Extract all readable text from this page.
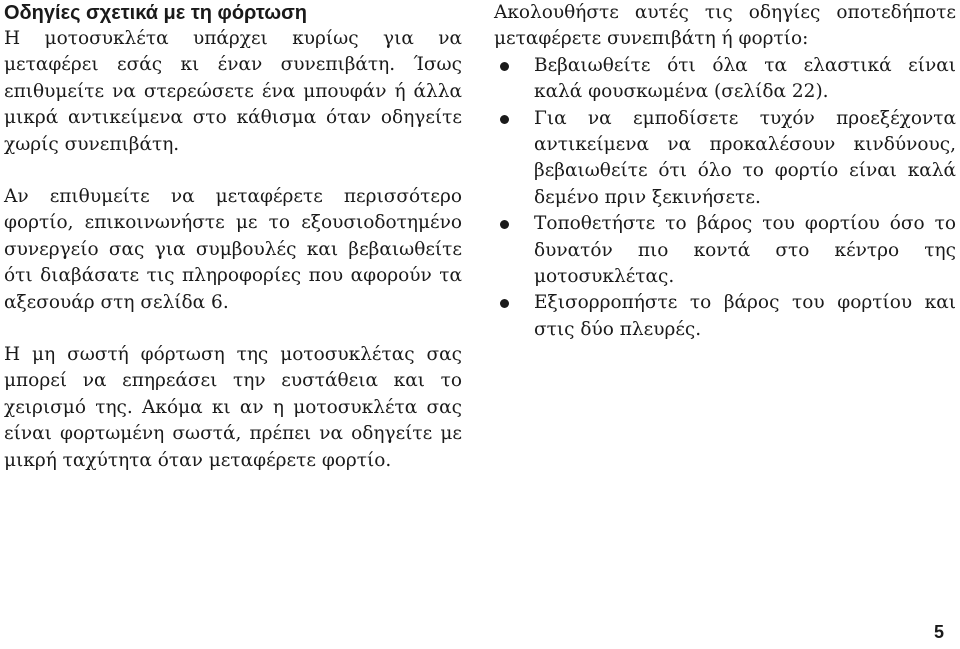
Οδηγίες σχετικά με τη φόρτωση

Η μοτοσυκλέτα υπάρχει κυρίως για να μεταφέρει εσάς κι έναν συνεπιβάτη. Ίσως επιθυμείτε να στερεώσετε ένα μπουφάν ή άλλα μικρά αντικείμενα στο κάθισμα όταν οδηγείτε χωρίς συνεπιβάτη.

Αν επιθυμείτε να μεταφέρετε περισσότερο φορτίο, επικοινωνήστε με το εξουσιοδοτημένο συνεργείο σας για συμβουλές και βεβαιωθείτε ότι διαβάσατε τις πληροφορίες που αφορούν τα αξεσουάρ στη σελίδα 6.

Η μη σωστή φόρτωση της μοτοσυκλέτας σας μπορεί να επηρεάσει την ευστάθεια και το χειρισμό της. Ακόμα κι αν η μοτοσυκλέτα σας είναι φορτωμένη σωστά, πρέπει να οδηγείτε με μικρή ταχύτητα όταν μεταφέρετε φορτίο.

Ακολουθήστε αυτές τις οδηγίες οποτεδήποτε μεταφέρετε συνεπιβάτη ή φορτίο:

Βεβαιωθείτε ότι όλα τα ελαστικά είναι καλά φουσκωμένα (σελίδα 22).
Για να εμποδίσετε τυχόν προεξέχοντα αντικείμενα να προκαλέσουν κινδύνους, βεβαιωθείτε ότι όλο το φορτίο είναι καλά δεμένο πριν ξεκινήσετε.
Τοποθετήστε το βάρος του φορτίου όσο το δυνατόν πιο κοντά στο κέντρο της μοτοσυκλέτας.
Εξισορροπήστε το βάρος του φορτίου και στις δύο πλευρές.
5
